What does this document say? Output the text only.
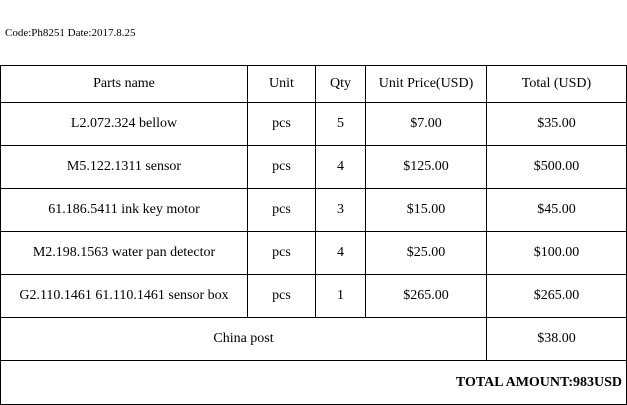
Code:Ph8251 Date:2017.8.25
Parts name	Unit	Qty	Unit Price(USD)	Total (USD)
L2.072.324 bellow	pcs	5	$7.00	$35.00
M5.122.1311 sensor	pcs	4	$125.00	$500.00
61.186.5411 ink key motor	pcs	3	$15.00	$45.00
M2.198.1563 water pan detector	pcs	4	$25.00	$100.00
G2.110.1461 61.110.1461 sensor box	pcs	1	$265.00	$265.00
China post				$38.00
TOTAL AMOUNT:983USD				
